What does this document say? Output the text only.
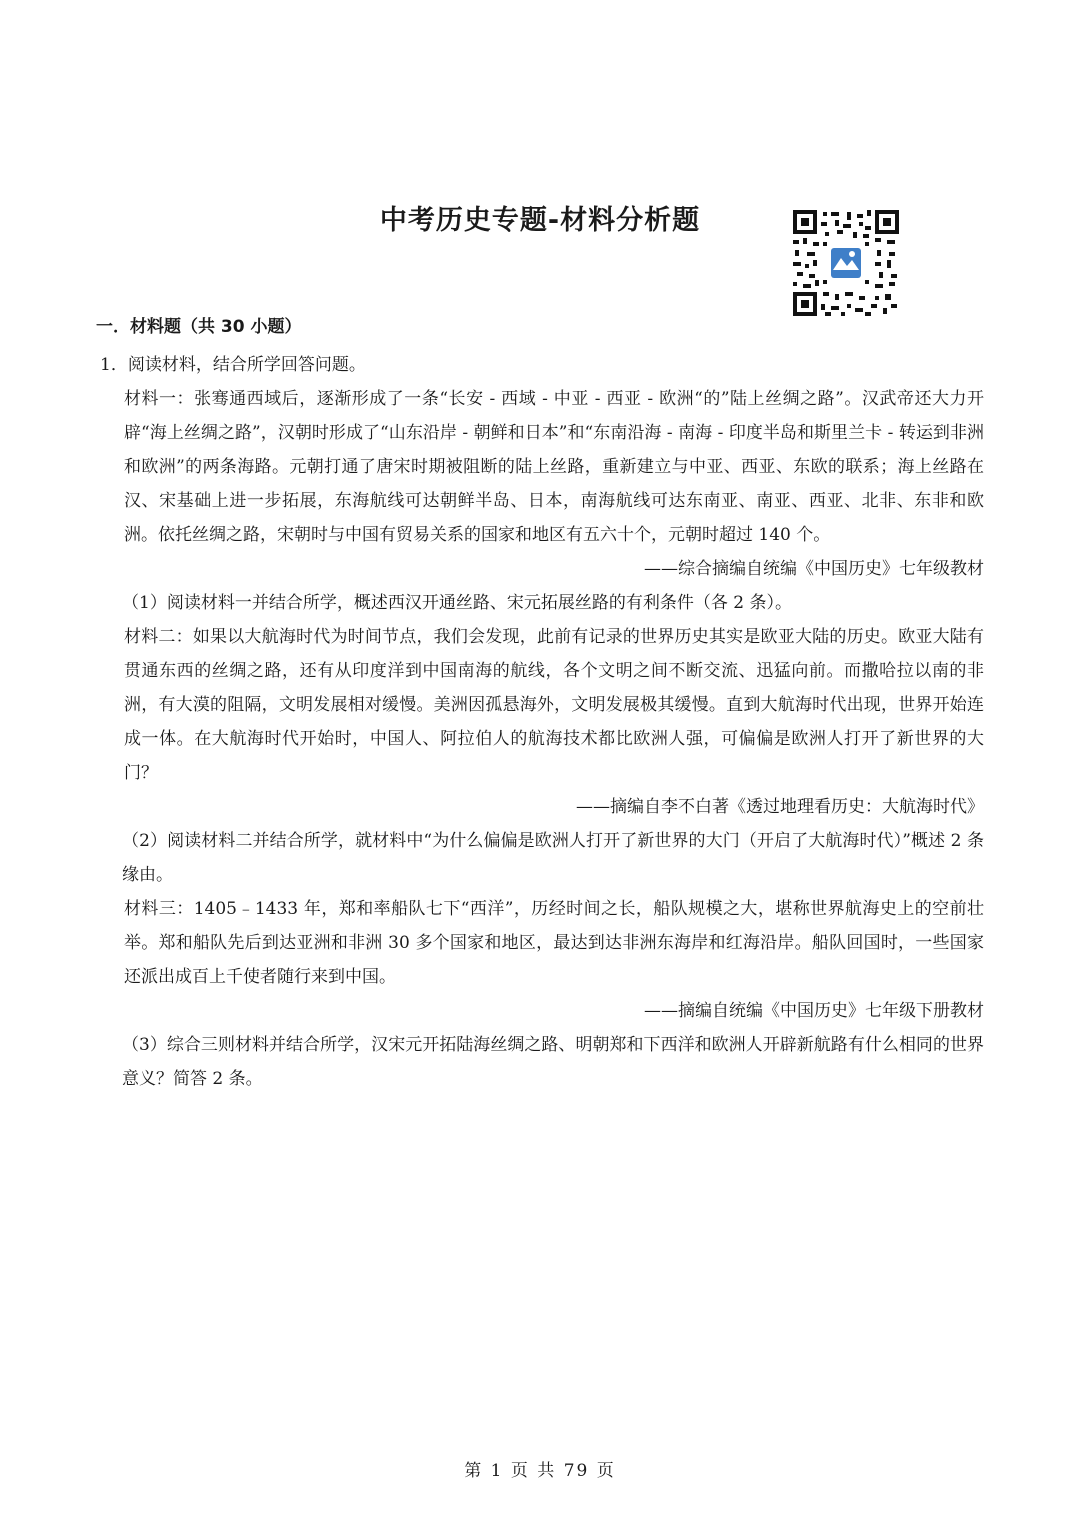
中考历史专题-材料分析题
一．材料题（共 30 小题）

1．阅读材料，结合所学回答问题。

材料一：张骞通西域后，逐渐形成了一条“长安 - 西域 - 中亚 - 西亚 - 欧洲“的”陆上丝绸之路”。汉武帝还大力开辟“海上丝绸之路”，汉朝时形成了“山东沿岸 - 朝鲜和日本”和“东南沿海 - 南海 - 印度半岛和斯里兰卡 - 转运到非洲和欧洲”的两条海路。元朝打通了唐宋时期被阻断的陆上丝路，重新建立与中亚、西亚、东欧的联系；海上丝路在汉、宋基础上进一步拓展，东海航线可达朝鲜半岛、日本，南海航线可达东南亚、南亚、西亚、北非、东非和欧洲。依托丝绸之路，宋朝时与中国有贸易关系的国家和地区有五六十个，元朝时超过 140 个。

——综合摘编自统编《中国历史》七年级教材

（1）阅读材料一并结合所学，概述西汉开通丝路、宋元拓展丝路的有利条件（各 2 条）。

材料二：如果以大航海时代为时间节点，我们会发现，此前有记录的世界历史其实是欧亚大陆的历史。欧亚大陆有贯通东西的丝绸之路，还有从印度洋到中国南海的航线，各个文明之间不断交流、迅猛向前。而撒哈拉以南的非洲，有大漠的阻隔，文明发展相对缓慢。美洲因孤悬海外，文明发展极其缓慢。直到大航海时代出现，世界开始连成一体。在大航海时代开始时，中国人、阿拉伯人的航海技术都比欧洲人强，可偏偏是欧洲人打开了新世界的大门？

——摘编自李不白著《透过地理看历史：大航海时代》

（2）阅读材料二并结合所学，就材料中“为什么偏偏是欧洲人打开了新世界的大门（开启了大航海时代）”概述 2 条缘由。

材料三：1405﹣1433 年，郑和率船队七下“西洋”，历经时间之长，船队规模之大，堪称世界航海史上的空前壮举。郑和船队先后到达亚洲和非洲 30 多个国家和地区，最达到达非洲东海岸和红海沿岸。船队回国时，一些国家还派出成百上千使者随行来到中国。

——摘编自统编《中国历史》七年级下册教材

（3）综合三则材料并结合所学，汉宋元开拓陆海丝绸之路、明朝郑和下西洋和欧洲人开辟新航路有什么相同的世界意义？简答 2 条。

第 1 页 共 79 页
